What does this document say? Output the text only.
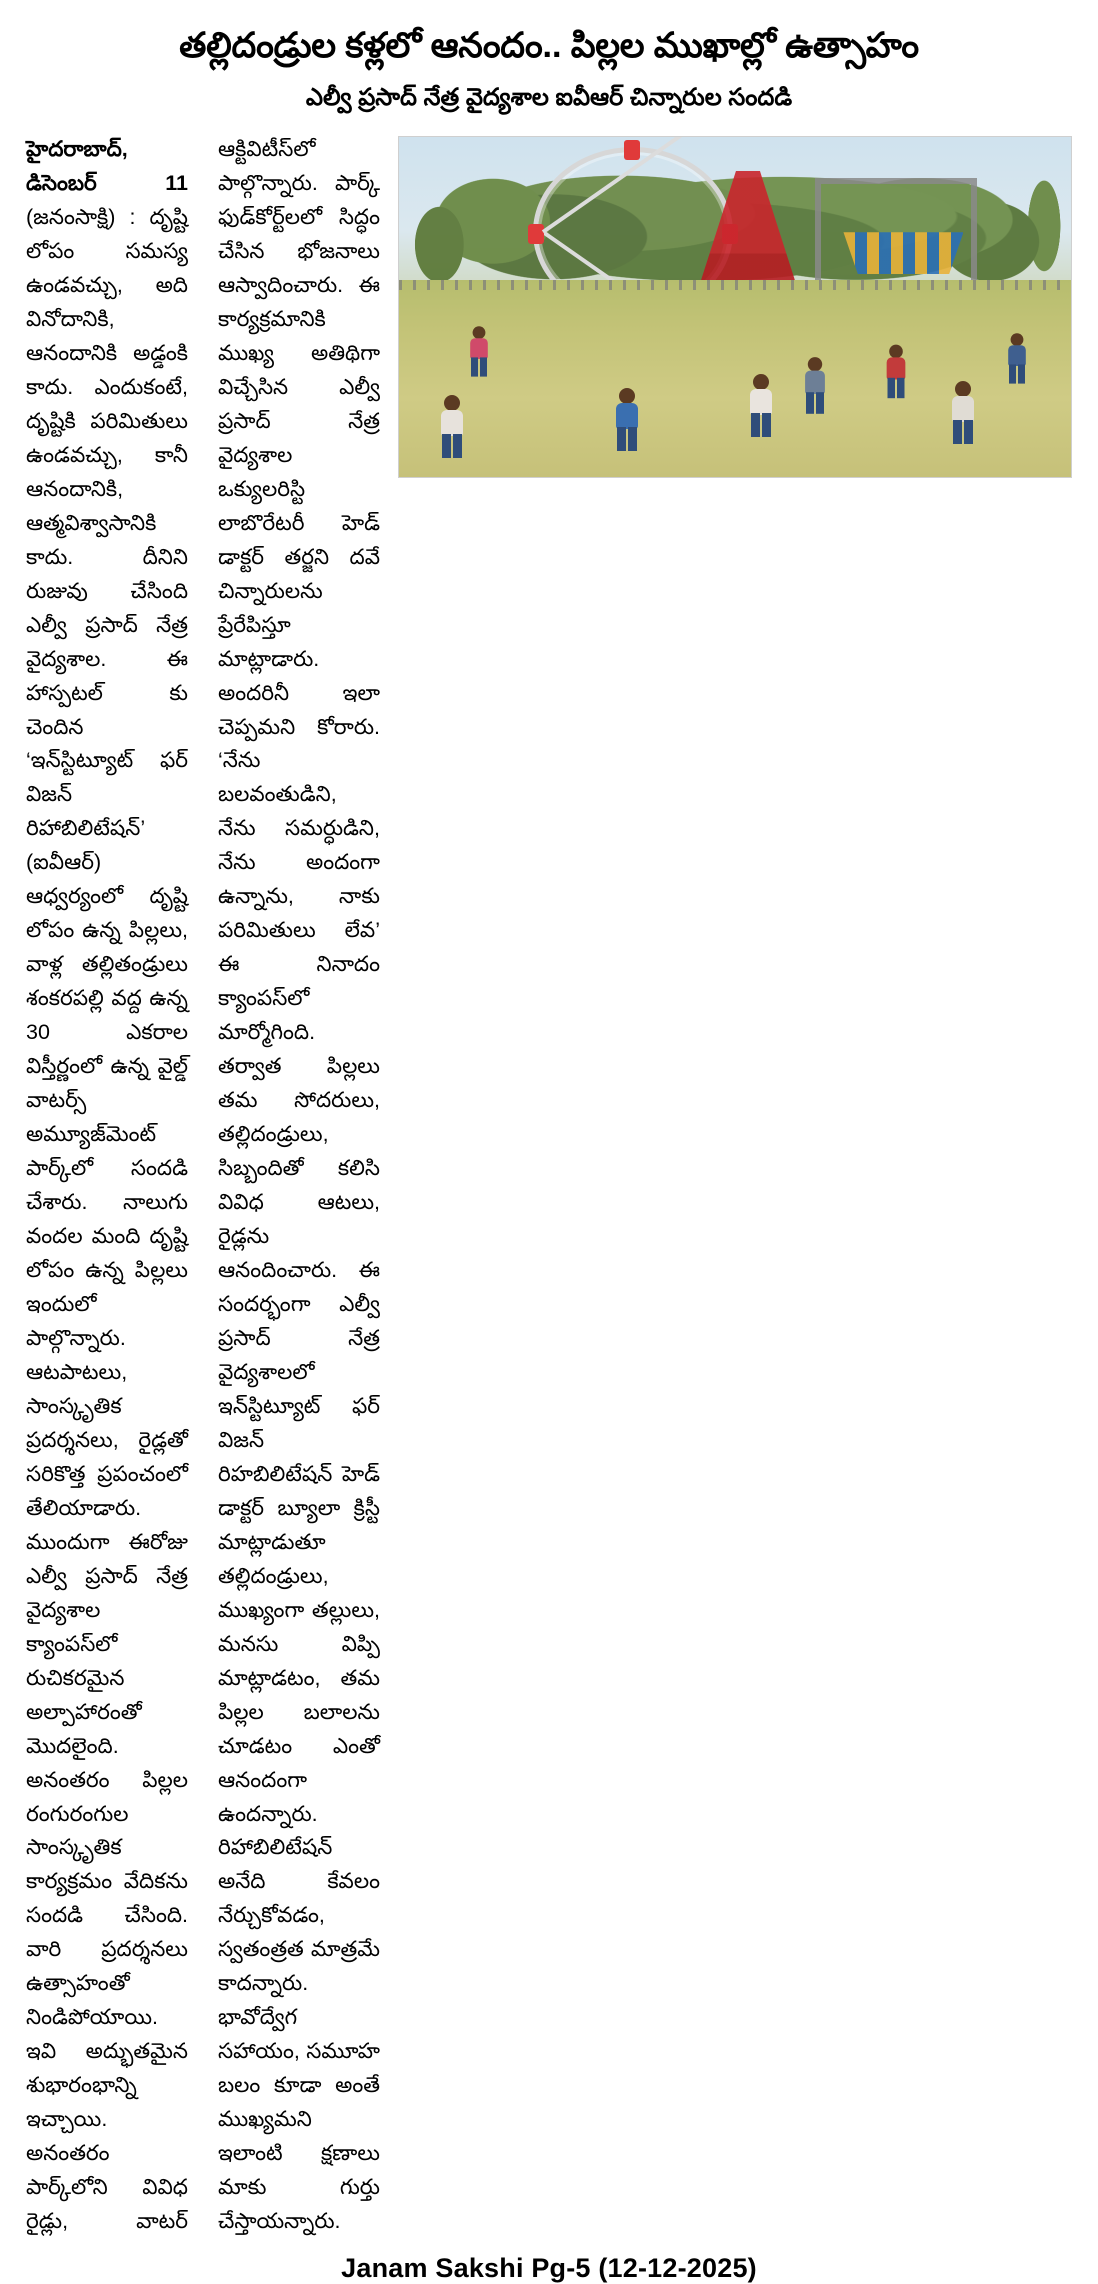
తల్లిదండ్రుల కళ్లలో ఆనందం.. పిల్లల ముఖాల్లో ఉత్సాహం
ఎల్వీ ప్రసాద్ నేత్ర వైద్యశాల ఐవీఆర్ చిన్నారుల సందడి

హైదరాబాద్, డిసెంబర్ 11 (జనంసాక్షి) : దృష్టి లోపం సమస్య ఉండవచ్చు, అది వినోదానికి, ఆనందానికి అడ్డంకి కాదు. ఎందుకంటే, దృష్టికి పరిమితులు ఉండవచ్చు, కానీ ఆనందానికి, ఆత్మవిశ్వాసానికి కాదు. దీనిని రుజువు చేసింది ఎల్వీ ప్రసాద్ నేత్ర వైద్యశాల. ఈ హాస్పటల్ కు చెందిన ‘ఇన్‌స్టిట్యూట్ ఫర్ విజన్ రిహాబిలిటేషన్’ (ఐవీఆర్) ఆధ్వర్యంలో దృష్టి లోపం ఉన్న పిల్లలు, వాళ్ల తల్లితండ్రులు శంకరపల్లి వద్ద ఉన్న 30 ఎకరాల విస్తీర్ణంలో ఉన్న వైల్డ్ వాటర్స్ అమ్యూజ్‌మెంట్ పార్క్‌లో సందడి చేశారు. నాలుగు వందల మంది దృష్టి లోపం ఉన్న పిల్లలు ఇందులో పాల్గొన్నారు. ఆటపాటలు, సాంస్కృతిక ప్రదర్శనలు, రైడ్లతో సరికొత్త ప్రపంచంలో తేలియాడారు. ముందుగా ఈరోజు ఎల్వీ ప్రసాద్ నేత్ర వైద్యశాల క్యాంపస్‌లో రుచికరమైన అల్పాహారంతో మొదలైంది. అనంతరం పిల్లల రంగురంగుల సాంస్కృతిక కార్యక్రమం వేదికను సందడి చేసింది. వారి ప్రదర్శనలు ఉత్సాహంతో నిండిపోయాయి. ఇవి అద్భుతమైన శుభారంభాన్ని ఇచ్చాయి. అనంతరం పార్క్‌లోని వివిధ రైడ్లు, వాటర్ ఆక్టివిటీస్‌లో పాల్గొన్నారు. పార్క్ ఫుడ్‌కోర్ట్‌లలో సిద్ధం చేసిన భోజనాలు ఆస్వాదించారు. ఈ కార్యక్రమానికి

ముఖ్య అతిథిగా విచ్చేసిన ఎల్వీ ప్రసాద్ నేత్ర వైద్యశాల ఒక్యులరిస్టి లాబొరేటరీ హెడ్ డాక్టర్ తర్జని దవే చిన్నారులను ప్రేరేపిస్తూ మాట్లాడారు. అందరినీ ఇలా చెప్పమని కోరారు. ‘నేను బలవంతుడిని, నేను సమర్ధుడిని, నేను అందంగా ఉన్నాను, నాకు పరిమితులు లేవ’ ఈ నినాదం క్యాంపస్‌లో మార్మోగింది. తర్వాత పిల్లలు తమ సోదరులు, తల్లిదండ్రులు, సిబ్బందితో కలిసి వివిధ ఆటలు, రైడ్లను ఆనందించారు. ఈ సందర్భంగా ఎల్వీ ప్రసాద్ నేత్ర వైద్యశాలలో ఇన్‌స్టిట్యూట్ ఫర్ విజన్ రిహబిలిటేషన్ హెడ్ డాక్టర్ బ్యూలా క్రిస్టీ మాట్లాడుతూ తల్లిదండ్రులు, ముఖ్యంగా తల్లులు, మనసు విప్పి మాట్లాడటం, తమ పిల్లల బలాలను చూడటం ఎంతో ఆనందంగా ఉందన్నారు. రిహాబిలిటేషన్ అనేది కేవలం నేర్చుకోవడం, స్వతంత్రత మాత్రమే కాదన్నారు. భావోద్వేగ సహాయం, సమూహ బలం కూడా అంతే ముఖ్యమని ఇలాంటి క్షణాలు మాకు గుర్తు చేస్తాయన్నారు.

Janam Sakshi Pg-5 (12-12-2025)
